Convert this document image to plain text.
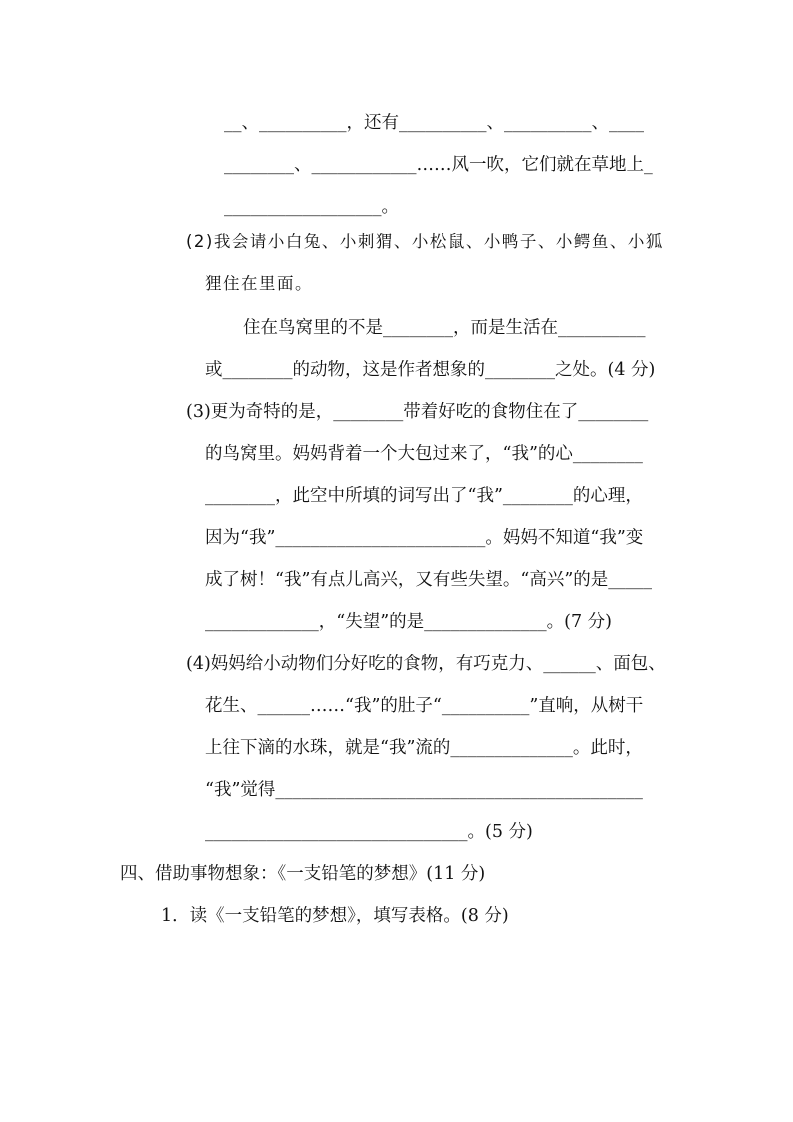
__、__________，还有__________、__________、____
________、____________……风一吹，它们就在草地上_
__________________。
(2)我会请小白兔、小刺猬、小松鼠、小鸭子、小鳄鱼、小狐
狸住在里面。
住在鸟窝里的不是________，而是生活在__________
或________的动物，这是作者想象的________之处。(4 分)
(3)更为奇特的是，________带着好吃的食物住在了________
的鸟窝里。妈妈背着一个大包过来了，“我”的心________
________，此空中所填的词写出了“我”________的心理，
因为“我”________________________。妈妈不知道“我”变
成了树！“我”有点儿高兴，又有些失望。“高兴”的是_____
_____________，“失望”的是______________。(7 分)
(4)妈妈给小动物们分好吃的食物，有巧克力、______、面包、
花生、______……“我”的肚子“__________”直响，从树干
上往下滴的水珠，就是“我”流的______________。此时，
“我”觉得__________________________________________
______________________________。(5 分)
四、借助事物想象：《一支铅笔的梦想》(11 分)
1．读《一支铅笔的梦想》，填写表格。(8 分)
